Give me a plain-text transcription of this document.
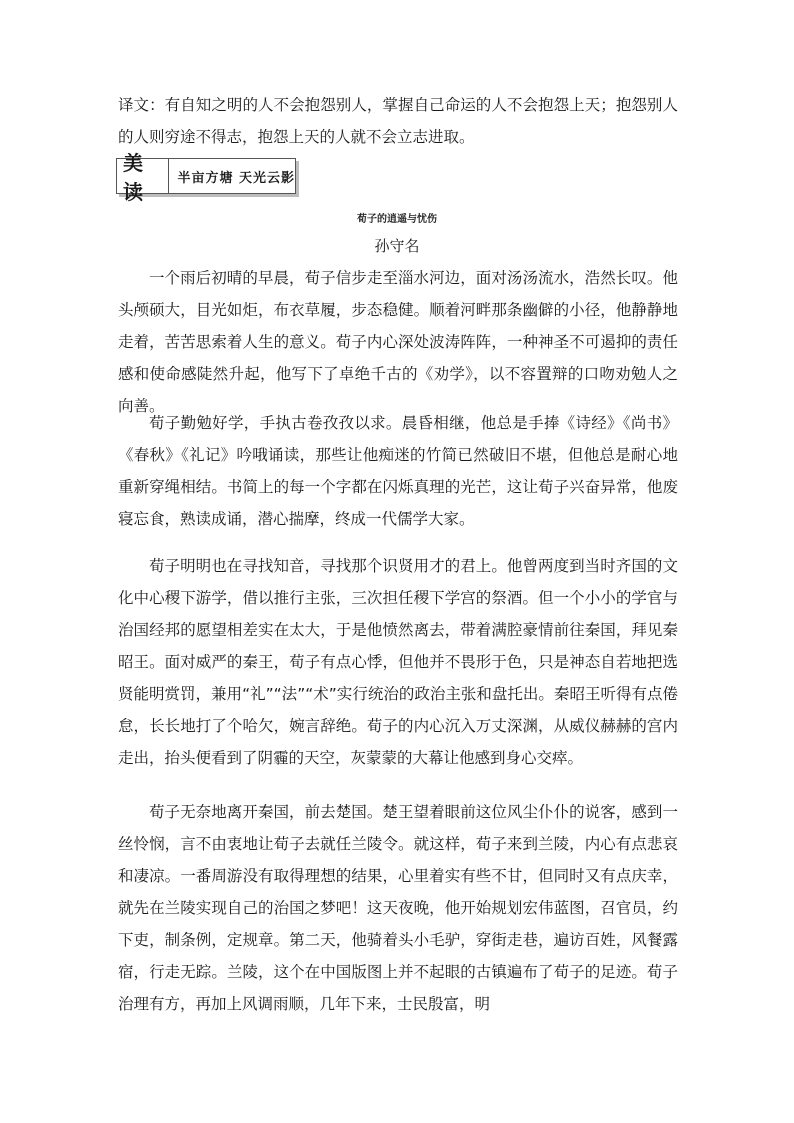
译文：有自知之明的人不会抱怨别人，掌握自己命运的人不会抱怨上天；抱怨别人的人则穷途不得志，抱怨上天的人就不会立志进取。

美读
半亩方塘 天光云影
荀子的逍遥与忧伤
孙守名

一个雨后初晴的早晨，荀子信步走至淄水河边，面对汤汤流水，浩然长叹。他头颅硕大，目光如炬，布衣草履，步态稳健。顺着河畔那条幽僻的小径，他静静地走着，苦苦思索着人生的意义。荀子内心深处波涛阵阵，一种神圣不可遏抑的责任感和使命感陡然升起，他写下了卓绝千古的《劝学》，以不容置辩的口吻劝勉人之向善。

荀子勤勉好学，手执古卷孜孜以求。晨昏相继，他总是手捧《诗经》《尚书》《春秋》《礼记》吟哦诵读，那些让他痴迷的竹简已然破旧不堪，但他总是耐心地重新穿绳相结。书简上的每一个字都在闪烁真理的光芒，这让荀子兴奋异常，他废寝忘食，熟读成诵，潜心揣摩，终成一代儒学大家。

荀子明明也在寻找知音，寻找那个识贤用才的君上。他曾两度到当时齐国的文化中心稷下游学，借以推行主张，三次担任稷下学宫的祭酒。但一个小小的学官与治国经邦的愿望相差实在太大，于是他愤然离去，带着满腔豪情前往秦国，拜见秦昭王。面对威严的秦王，荀子有点心悸，但他并不畏形于色，只是神态自若地把选贤能明赏罚，兼用“礼”“法”“术”实行统治的政治主张和盘托出。秦昭王听得有点倦怠，长长地打了个哈欠，婉言辞绝。荀子的内心沉入万丈深渊，从威仪赫赫的宫内走出，抬头便看到了阴霾的天空，灰蒙蒙的大幕让他感到身心交瘁。

荀子无奈地离开秦国，前去楚国。楚王望着眼前这位风尘仆仆的说客，感到一丝怜悯，言不由衷地让荀子去就任兰陵令。就这样，荀子来到兰陵，内心有点悲哀和凄凉。一番周游没有取得理想的结果，心里着实有些不甘，但同时又有点庆幸，就先在兰陵实现自己的治国之梦吧！这天夜晚，他开始规划宏伟蓝图，召官员，约下吏，制条例，定规章。第二天，他骑着头小毛驴，穿街走巷，遍访百姓，风餐露宿，行走无踪。兰陵，这个在中国版图上并不起眼的古镇遍布了荀子的足迹。荀子治理有方，再加上风调雨顺，几年下来，士民殷富，明
